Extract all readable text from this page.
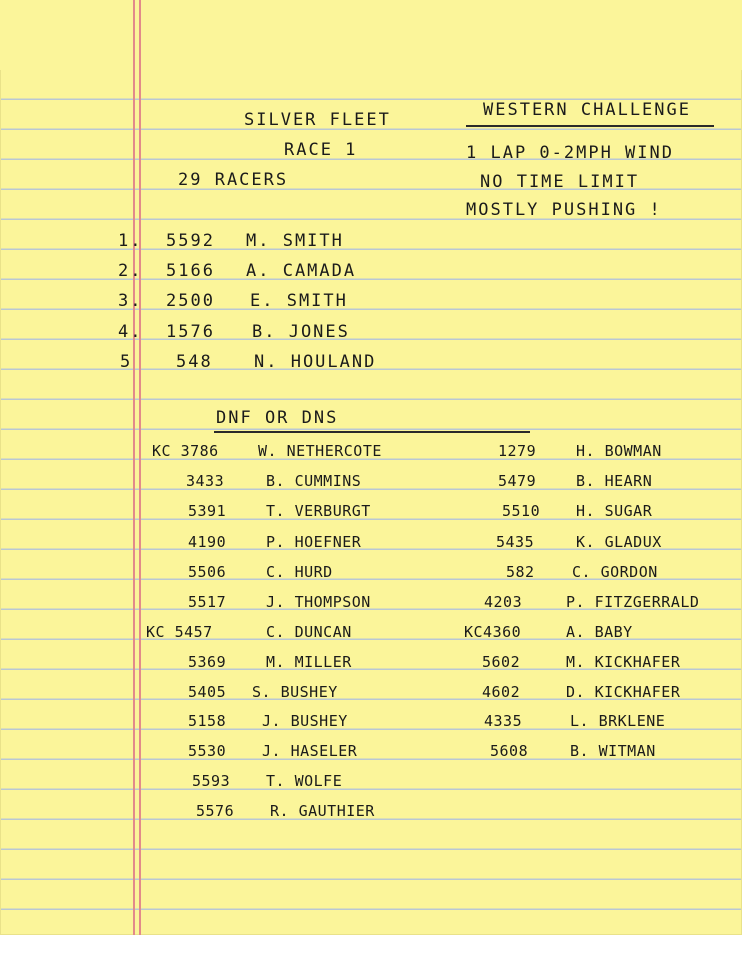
SILVER FLEET
RACE 1
29 RACERS
WESTERN CHALLENGE
1 LAP 0-2MPH WIND
NO TIME LIMIT
MOSTLY PUSHING !
1. 5592 M. SMITH
2. 5166 A. CAMADA
3. 2500 E. SMITH
4. 1576 B. JONES
5	548 N. HOULAND
DNF OR DNS
KC 3786	W. NETHERCOTE
3433	B. CUMMINS
5391	T. VERBURGT
4190	P. HOEFNER
5506	C. HURD
5517	J. THOMPSON
KC 5457	C. DUNCAN
5369	M. MILLER
5405 S. BUSHEY
5158 J. BUSHEY
5530 J. HASELER
5593 T. WOLFE
5576 R. GAUTHIER
1279	H. BOWMAN
5479	B. HEARN
5510 H. SUGAR
5435	K. GLADUX
582 C. GORDON
4203	P. FITZGERRALD
KC4360	A. BABY
5602	M. KICKHAFER
4602	D. KICKHAFER
4335	L. BRKLENE
5608	B. WITMAN
